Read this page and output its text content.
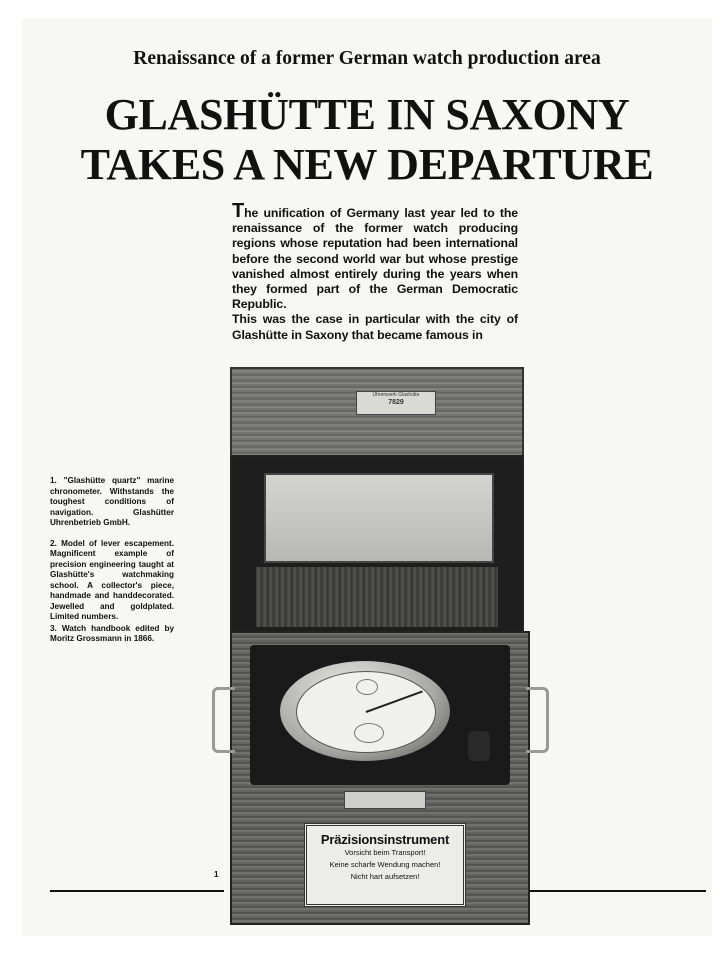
Renaissance of a former German watch production area
GLASHÜTTE IN SAXONY
TAKES A NEW DEPARTURE
The unification of Germany last year led to the renaissance of the former watch producing regions whose reputation had been international before the second world war but whose prestige vanished almost entirely during the years when they formed part of the German Democratic Republic.
This was the case in particular with the city of Glashütte in Saxony that became famous in

1. "Glashütte quartz" marine chronometer. Withstands the toughest conditions of navigation. Glashütter Uhrenbetrieb GmbH.

2. Model of lever escapement. Magnificent example of precision engineering taught at Glashütte's watchmaking school. A collector's piece, handmade and handdecorated. Jewelled and goldplated. Limited numbers.

3. Watch handbook edited by Moritz Grossmann in 1866.

Uhrenwerk Glashütte
7829
Präzisionsinstrument
Vorsicht beim Transport!
Keine scharfe Wendung machen!
Nicht hart aufsetzen!
1
